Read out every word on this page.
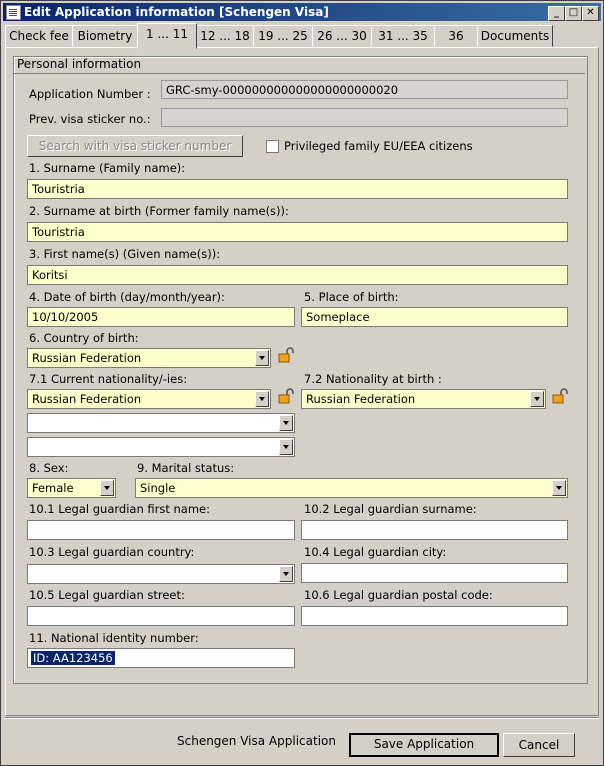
Edit Application information [Schengen Visa]	_ □ ✕
Check fee Biometry	1 ... 11	12 ... 18 19 ... 25 26 ... 30 31 ... 35	36	Documents
Personal information
Application Number :	GRC-smy-000000000000000000000020
Prev. visa sticker no.:
Search with visa sticker number	Privileged family EU/EEA citizens
1. Surname (Family name):
Touristria
2. Surname at birth (Former family name(s)):
Touristria
3. First name(s) (Given name(s)):
Koritsi
4. Date of birth (day/month/year):
10/10/2005
5. Place of birth:
Someplace
6. Country of birth:
Russian Federation
7.1 Current nationality/-ies:
Russian Federation
7.2 Nationality at birth :
Russian Federation
8. Sex:
Female
9. Marital status:
Single
10.1 Legal guardian first name:	10.2 Legal guardian surname:
10.3 Legal guardian country:	10.4 Legal guardian city:
10.5 Legal guardian street:	10.6 Legal guardian postal code:
11. National identity number:
ID: AA123456
Schengen Visa Application	Save Application	Cancel
